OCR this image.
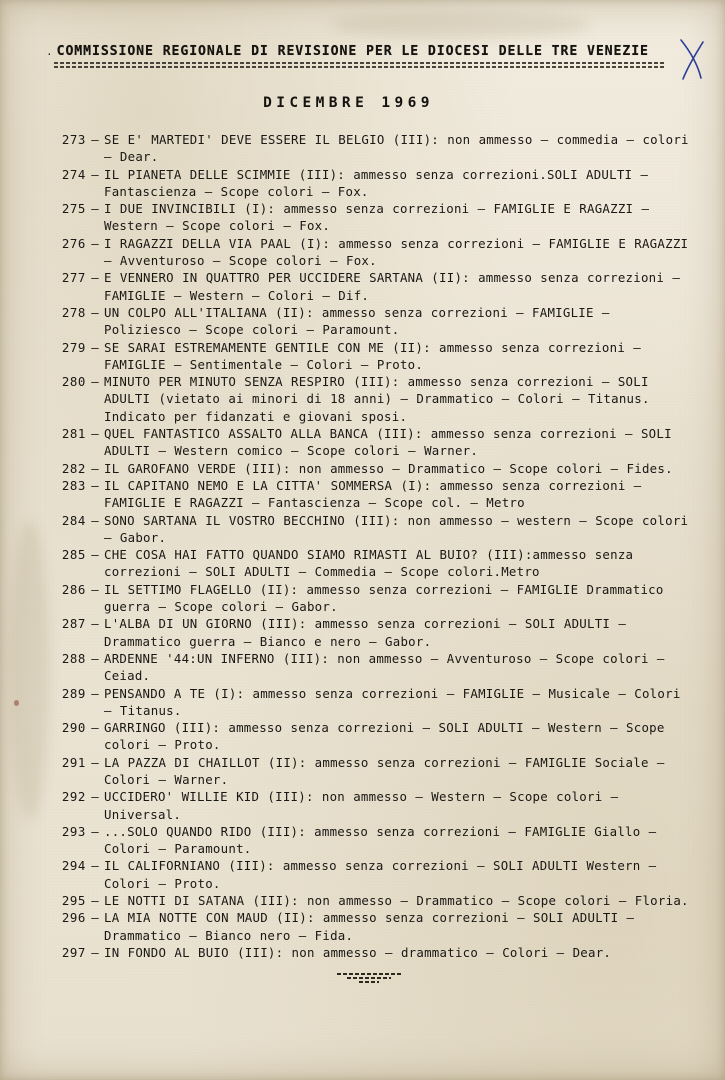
. COMMISSIONE REGIONALE DI REVISIONE PER LE DIOCESI DELLE TRE VENEZIE
DICEMBRE 1969
273 – SE E' MARTEDI' DEVE ESSERE IL BELGIO (III): non ammesso – commedia – colori – Dear.
274 – IL PIANETA DELLE SCIMMIE (III): ammesso senza correzioni.SOLI ADULTI – Fantascienza – Scope colori – Fox.
275 – I DUE INVINCIBILI (I): ammesso senza correzioni – FAMIGLIE E RAGAZZI – Western – Scope colori – Fox.
276 – I RAGAZZI DELLA VIA PAAL (I): ammesso senza correzioni – FAMIGLIE E RAGAZZI – Avventuroso – Scope colori – Fox.
277 – E VENNERO IN QUATTRO PER UCCIDERE SARTANA (II): ammesso senza correzioni – FAMIGLIE – Western – Colori – Dif.
278 – UN COLPO ALL'ITALIANA (II): ammesso senza correzioni – FAMIGLIE – Poliziesco – Scope colori – Paramount.
279 – SE SARAI ESTREMAMENTE GENTILE CON ME (II): ammesso senza correzioni – FAMIGLIE – Sentimentale – Colori – Proto.
280 – MINUTO PER MINUTO SENZA RESPIRO (III): ammesso senza correzioni – SOLI ADULTI (vietato ai minori di 18 anni) – Drammatico – Colori – Titanus. Indicato per fidanzati e giovani sposi.
281 – QUEL FANTASTICO ASSALTO ALLA BANCA (III): ammesso senza correzioni – SOLI ADULTI – Western comico – Scope colori – Warner.
282 – IL GAROFANO VERDE (III): non ammesso – Drammatico – Scope colori – Fides.
283 – IL CAPITANO NEMO E LA CITTA' SOMMERSA (I): ammesso senza correzioni – FAMIGLIE E RAGAZZI – Fantascienza – Scope col. – Metro
284 – SONO SARTANA IL VOSTRO BECCHINO (III): non ammesso – western – Scope colori – Gabor.
285 – CHE COSA HAI FATTO QUANDO SIAMO RIMASTI AL BUIO? (III):ammesso senza correzioni – SOLI ADULTI – Commedia – Scope colori.Metro
286 – IL SETTIMO FLAGELLO (II): ammesso senza correzioni – FAMIGLIE Drammatico guerra – Scope colori – Gabor.
287 – L'ALBA DI UN GIORNO (III): ammesso senza correzioni – SOLI ADULTI – Drammatico guerra – Bianco e nero – Gabor.
288 – ARDENNE '44:UN INFERNO (III): non ammesso – Avventuroso – Scope colori – Ceiad.
289 – PENSANDO A TE (I): ammesso senza correzioni – FAMIGLIE – Musicale – Colori – Titanus.
290 – GARRINGO (III): ammesso senza correzioni – SOLI ADULTI – Western – Scope colori – Proto.
291 – LA PAZZA DI CHAILLOT (II): ammesso senza correzioni – FAMIGLIE Sociale – Colori – Warner.
292 – UCCIDERO' WILLIE KID (III): non ammesso – Western – Scope colori – Universal.
293 – ...SOLO QUANDO RIDO (III): ammesso senza correzioni – FAMIGLIE Giallo – Colori – Paramount.
294 – IL CALIFORNIANO (III): ammesso senza correzioni – SOLI ADULTI Western – Colori – Proto.
295 – LE NOTTI DI SATANA (III): non ammesso – Drammatico – Scope colori – Floria.
296 – LA MIA NOTTE CON MAUD (II): ammesso senza correzioni – SOLI ADULTI – Drammatico – Bianco nero – Fida.
297 – IN FONDO AL BUIO (III): non ammesso – drammatico – Colori – Dear.
